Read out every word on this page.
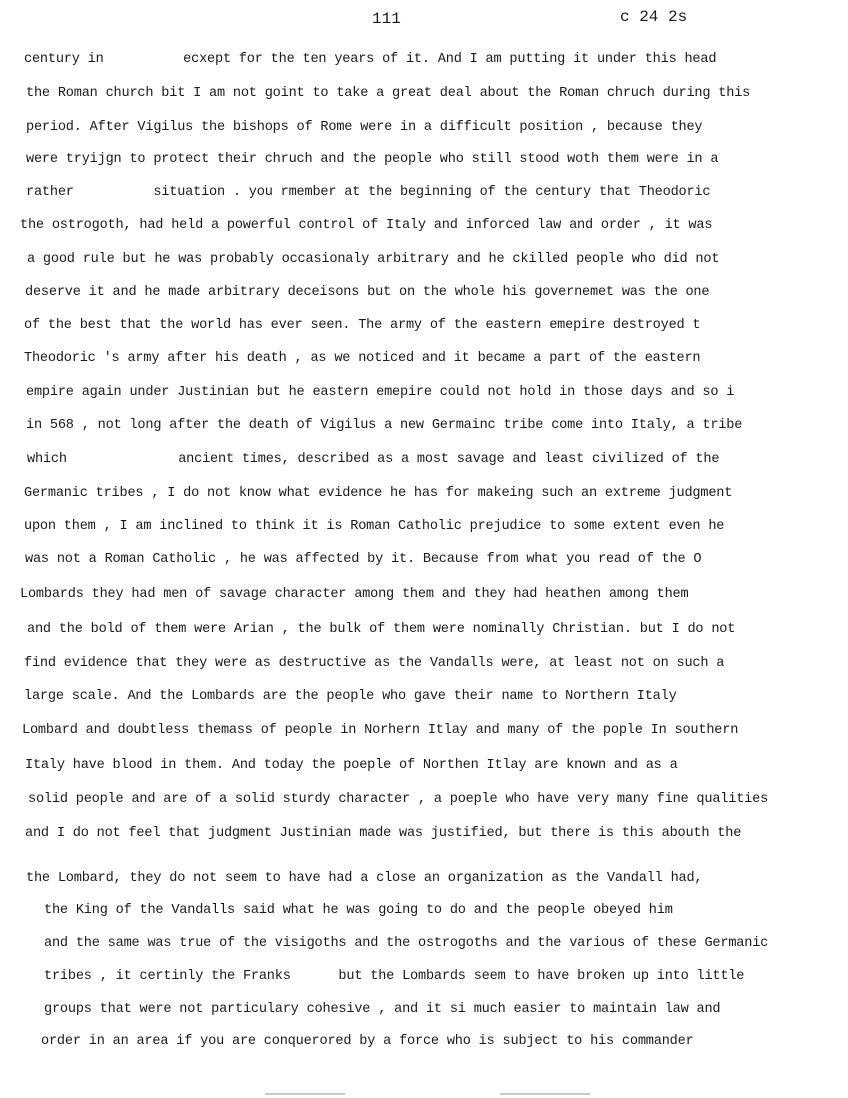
111	c 24 2s
century in          ecxept for the ten years of it. And I am putting it under this head
the Roman church bit I am not goint to take a great deal about the Roman chruch during this
period. After Vigilus the bishops of Rome were in a difficult position , because they
were tryijgn to protect their chruch and the people who still stood woth them were in a
rather          situation . you rmember at the beginning of the century that Theodoric
the ostrogoth, had held a powerful control of Italy and inforced law and order , it was
a good rule but he was probably occasionaly arbitrary and he ckilled people who did not
deserve it and he made arbitrary deceisons but on the whole his governemet was the one
of the best that the world has ever seen. The army of the eastern emepire destroyed t
Theodoric 's army after his death , as we noticed and it became a part of the eastern
empire again under Justinian but he eastern emepire could not hold in those days and so i
in 568 , not long after the death of Vigilus a new Germainc tribe come into Italy, a tribe
which              ancient times, described as a most savage and least civilized of the
Germanic tribes , I do not know what evidence he has for makeing such an extreme judgment
upon them , I am inclined to think it is Roman Catholic prejudice to some extent even he
was not a Roman Catholic , he was affected by it. Because from what you read of the O
Lombards they had men of savage character among them and they had heathen among them
and the bold of them were Arian , the bulk of them were nominally Christian. but I do not
find evidence that they were as destructive as the Vandalls were, at least not on such a
large scale. And the Lombards are the people who gave their name to Northern Italy
Lombard and doubtless themass of people in Norhern Itlay and many of the pople In southern
Italy have blood in them. And today the poeple of Northen Itlay are known and as a
solid people and are of a solid sturdy character , a poeple who have very many fine qualities
and I do not feel that judgment Justinian made was justified, but there is this abouth the
the Lombard, they do not seem to have had a close an organization as the Vandall had,
the King of the Vandalls said what he was going to do and the people obeyed him
and the same was true of the visigoths and the ostrogoths and the various of these Germanic
tribes , it certinly the Franks      but the Lombards seem to have broken up into little
groups that were not particulary cohesive , and it si much easier to maintain law and
order in an area if you are conquerored by a force who is subject to his commander
